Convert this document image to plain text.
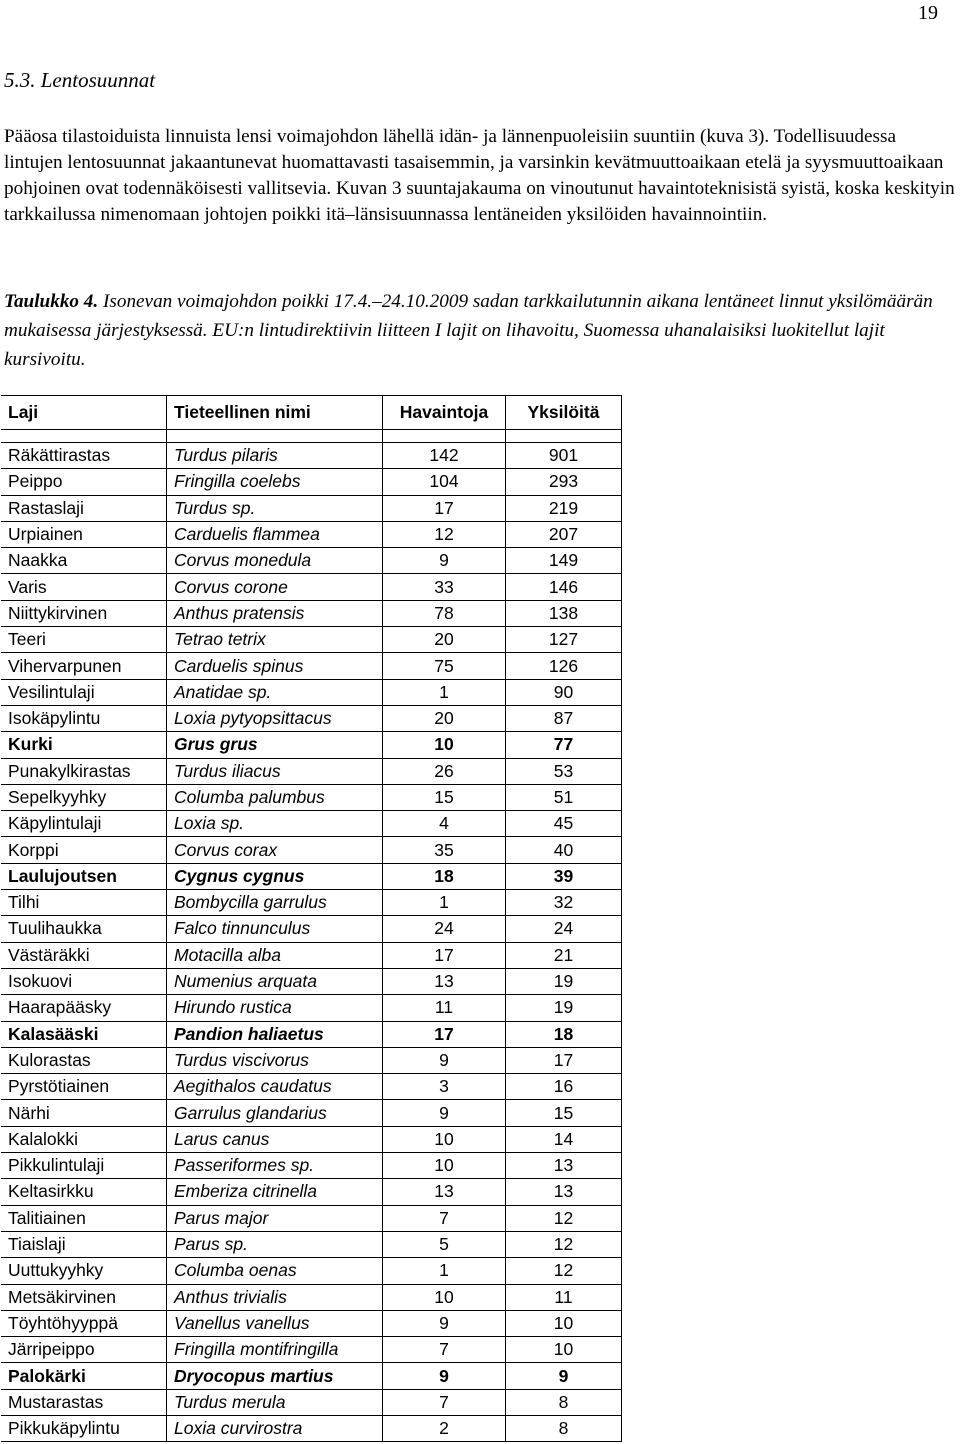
19
5.3. Lentosuunnat

Pääosa tilastoiduista linnuista lensi voimajohdon lähellä idän- ja lännenpuoleisiin suuntiin (kuva 3). Todellisuudessa lintujen lentosuunnat jakaantunevat huomattavasti tasaisemmin, ja varsinkin kevätmuuttoaikaan etelä ja syysmuuttoaikaan pohjoinen ovat todennäköisesti vallitsevia. Kuvan 3 suuntajakauma on vinoutunut havaintoteknisistä syistä, koska keskityin tarkkailussa nimenomaan johtojen poikki itä–länsisuunnassa lentäneiden yksilöiden havainnointiin.

Taulukko 4. Isonevan voimajohdon poikki 17.4.–24.10.2009 sadan tarkkailutunnin aikana lentäneet linnut yksilömäärän mukaisessa järjestyksessä. EU:n lintudirektiivin liitteen I lajit on lihavoitu, Suomessa uhanalaisiksi luokitellut lajit kursivoitu.

Laji	Tieteellinen nimi	Havaintoja	Yksilöitä

Räkättirastas	Turdus pilaris	142	901
Peippo	Fringilla coelebs	104	293
Rastaslaji	Turdus sp.	17	219
Urpiainen	Carduelis flammea	12	207
Naakka	Corvus monedula	9	149
Varis	Corvus corone	33	146
Niittykirvinen	Anthus pratensis	78	138
Teeri	Tetrao tetrix	20	127
Vihervarpunen	Carduelis spinus	75	126
Vesilintulaji	Anatidae sp.	1	90
Isokäpylintu	Loxia pytyopsittacus	20	87
Kurki	Grus grus	10	77
Punakylkirastas	Turdus iliacus	26	53
Sepelkyyhky	Columba palumbus	15	51
Käpylintulaji	Loxia sp.	4	45
Korppi	Corvus corax	35	40
Laulujoutsen	Cygnus cygnus	18	39
Tilhi	Bombycilla garrulus	1	32
Tuulihaukka	Falco tinnunculus	24	24
Västäräkki	Motacilla alba	17	21
Isokuovi	Numenius arquata	13	19
Haarapääsky	Hirundo rustica	11	19
Kalasääski	Pandion haliaetus	17	18
Kulorastas	Turdus viscivorus	9	17
Pyrstötiainen	Aegithalos caudatus	3	16
Närhi	Garrulus glandarius	9	15
Kalalokki	Larus canus	10	14
Pikkulintulaji	Passeriformes sp.	10	13
Keltasirkku	Emberiza citrinella	13	13
Talitiainen	Parus major	7	12
Tiaislaji	Parus sp.	5	12
Uuttukyyhky	Columba oenas	1	12
Metsäkirvinen	Anthus trivialis	10	11
Töyhtöhyyppä	Vanellus vanellus	9	10
Järripeippo	Fringilla montifringilla	7	10
Palokärki	Dryocopus martius	9	9
Mustarastas	Turdus merula	7	8
Pikkukäpylintu	Loxia curvirostra	2	8
